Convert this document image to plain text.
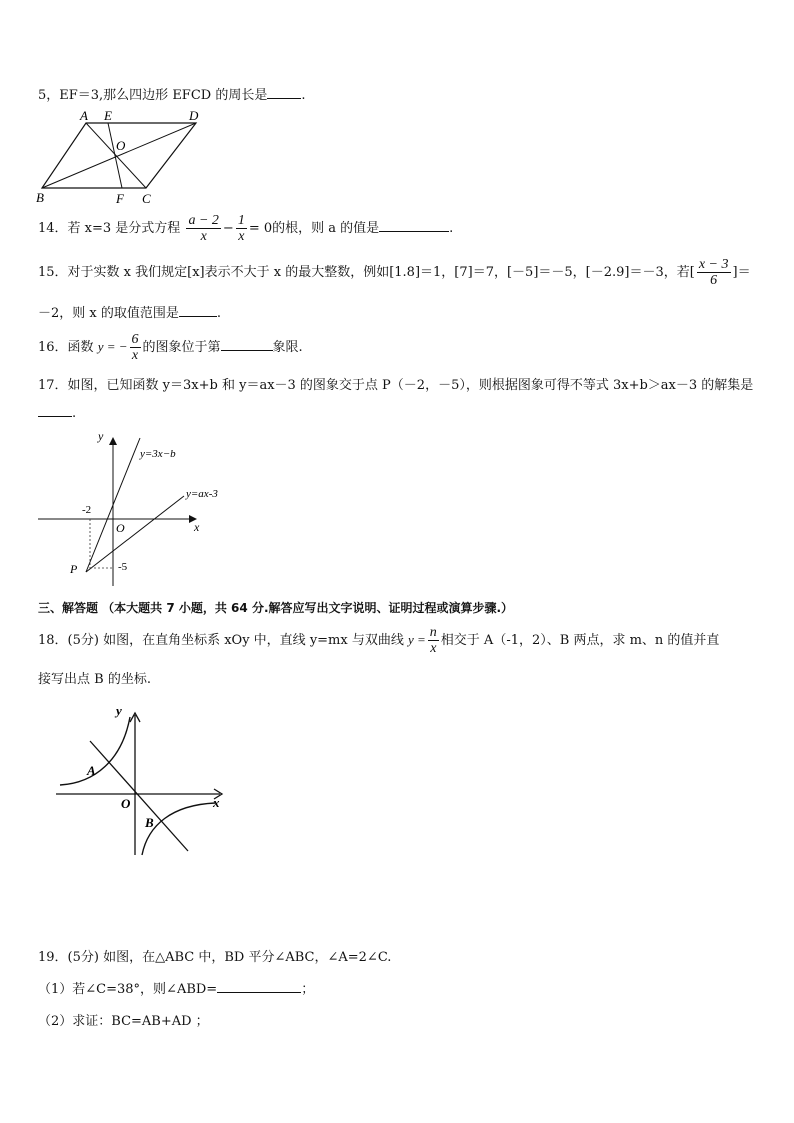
5，EF＝3,那么四边形 EFCD 的周长是	.
A E	D
O
B	F C
14．若 x=3 是分式方程 $\frac{a - 2}{x} - \frac{1}{x} = 0$的根，则 a 的值是	.
15．对于实数 x 我们规定[x]表示不大于 x 的最大整数，例如[1.8]＝1，[7]＝7，[－5]＝－5，[－2.9]＝－3，若[ $\frac{x - 3}{6}$ ]＝
－2，则 x 的取值范围是	.
16．函数 y = − $\frac{6}{x}$ 的图象位于第	象限.
17．如图，已知函数 y＝3x+b 和 y＝ax－3 的图象交于点 P（－2，－5），则根据图象可得不等式 3x+b＞ax－3 的解集是
.
y
x
O
P
-2
-5
y=3x−b
y=ax-3
三、解答题 （本大题共 7 小题，共 64 分.解答应写出文字说明、证明过程或演算步骤.）
18．(5分) 如图，在直角坐标系 xOy 中，直线 y=mx 与双曲线 $y = \frac{n}{x}$ 相交于 A（-1，2）、B 两点，求 m、n 的值并直
接写出点 B 的坐标.
y
x
O
A
B
19．(5分) 如图，在△ABC 中，BD 平分∠ABC，∠A=2∠C.
（1）若∠C=38°，则∠ABD=	；
（2）求证：BC=AB+AD ；
